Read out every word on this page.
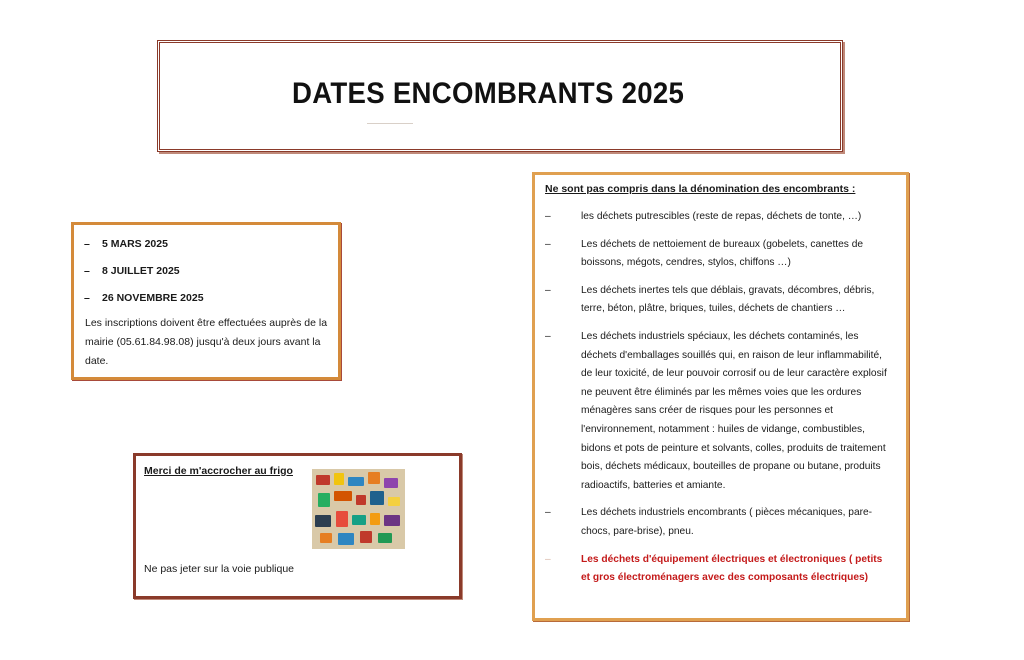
DATES ENCOMBRANTS 2025
–	5 MARS 2025
–	8 JUILLET 2025
–	26 NOVEMBRE 2025
Les inscriptions doivent être effectuées auprès de la mairie (05.61.84.98.08) jusqu'à deux jours avant la date.
Merci de m'accrocher au frigo
Ne pas jeter sur la voie publique
Ne sont pas compris dans la dénomination des encombrants :
–	les déchets putrescibles (reste de repas, déchets de tonte, …)
–	Les déchets de nettoiement de bureaux (gobelets, canettes de boissons, mégots, cendres, stylos, chiffons …)
–	Les déchets inertes tels que déblais, gravats, décombres, débris, terre, béton, plâtre, briques, tuiles, déchets de chantiers …
–	Les déchets industriels spéciaux, les déchets contaminés, les déchets d'emballages souillés qui, en raison de leur inflammabilité, de leur toxicité, de leur pouvoir corrosif ou de leur caractère explosif ne peuvent être éliminés par les mêmes voies que les ordures ménagères sans créer de risques pour les personnes et l'environnement, notamment : huiles de vidange, combustibles, bidons et pots de peinture et solvants, colles, produits de traitement bois, déchets médicaux, bouteilles de propane ou butane, produits radioactifs, batteries et amiante.
–	Les déchets industriels encombrants ( pièces mécaniques, pare-chocs, pare-brise), pneu.
–	Les déchets d'équipement électriques et électroniques ( petits et gros électroménagers avec des composants électriques)
